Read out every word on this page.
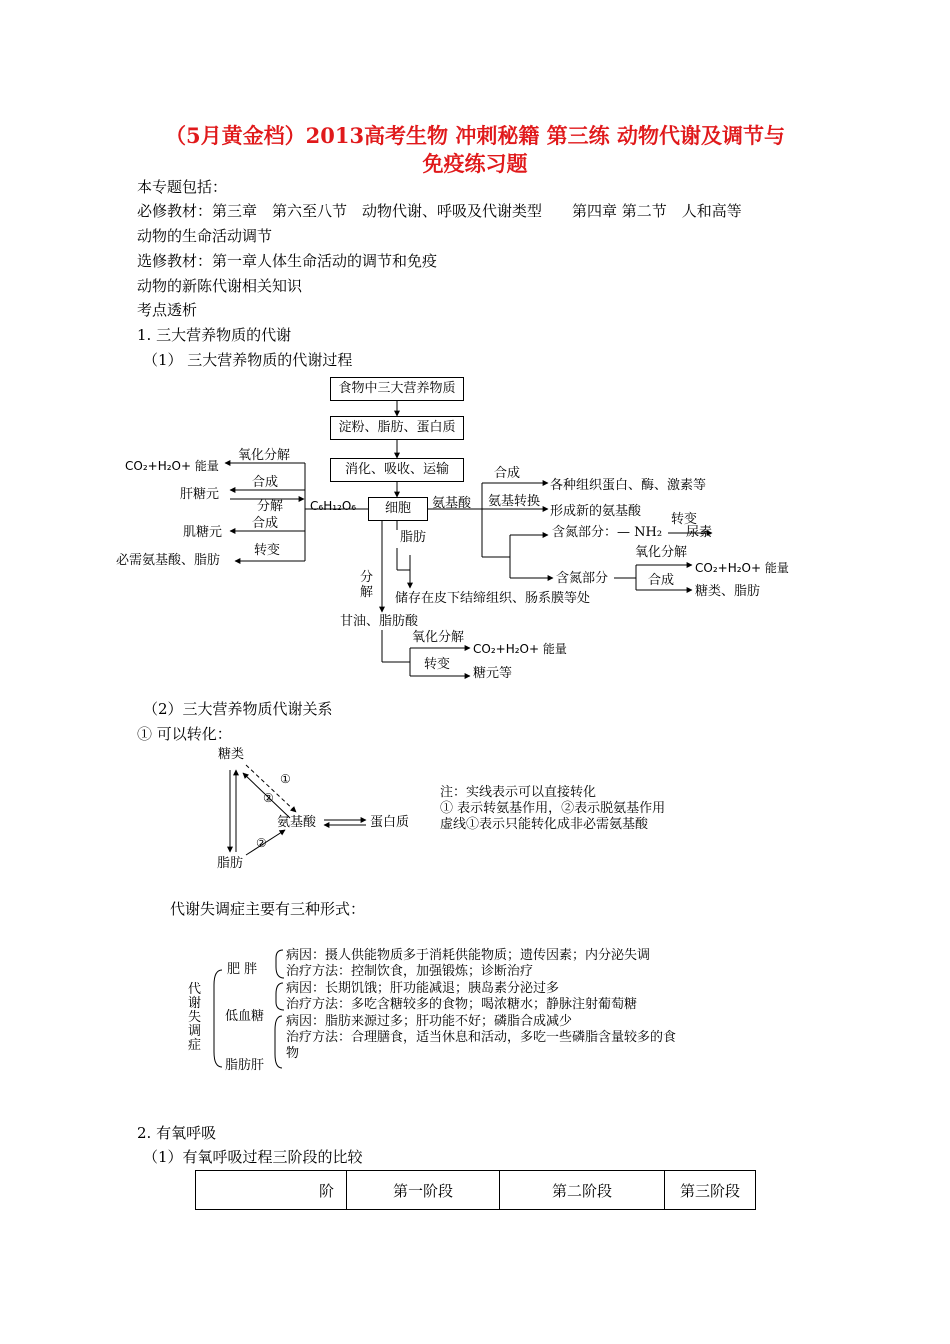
（5月黄金档）2013高考生物 冲刺秘籍 第三练 动物代谢及调节与
免疫练习题
本专题包括：
必修教材：第三章　第六至八节　动物代谢、呼吸及代谢类型　　第四章 第二节　人和高等
动物的生命活动调节
选修教材：第一章人体生命活动的调节和免疫
动物的新陈代谢相关知识
考点透析
1. 三大营养物质的代谢
（1） 三大营养物质的代谢过程
食物中三大营养物质
淀粉、脂肪、蛋白质
消化、吸收、运输
细胞
氧化分解
CO₂+H₂O+ 能量
合成
肝糖元
分解 C₆H₁₂O₆
合成
肌糖元
转变
必需氨基酸、脂肪
氨基酸
合成
各种组织蛋白、酶、激素等
氨基转换
形成新的氨基酸
含氮部分：— NH₂
转变
尿素
氧化分解
含氮部分
CO₂+H₂O+ 能量
合成
糖类、脂肪
脂肪
分解 储存在皮下结缔组织、肠系膜等处
甘油、脂肪酸
氧化分解
CO₂+H₂O+ 能量
转变
糖元等
（2）三大营养物质代谢关系
① 可以转化：
糖类
氨基酸	蛋白质
脂肪
①
②
②
注：实线表示可以直接转化
① 表示转氨基作用，②表示脱氨基作用
虚线①表示只能转化成非必需氨基酸
代谢失调症主要有三种形式：
代谢失调症
肥 胖
病因：摄人供能物质多于消耗供能物质；遗传因素；内分泌失调
治疗方法：控制饮食，加强锻炼；诊断治疗
低血糖
病因：长期饥饿；肝功能减退；胰岛素分泌过多
治疗方法：多吃含糖较多的食物；喝浓糖水；静脉注射葡萄糖
脂肪肝
病因：脂肪来源过多；肝功能不好；磷脂合成减少
治疗方法：合理膳食，适当休息和活动，多吃一些磷脂含量较多的食
物
2. 有氧呼吸
（1）有氧呼吸过程三阶段的比较
阶	第一阶段	第二阶段	第三阶段
